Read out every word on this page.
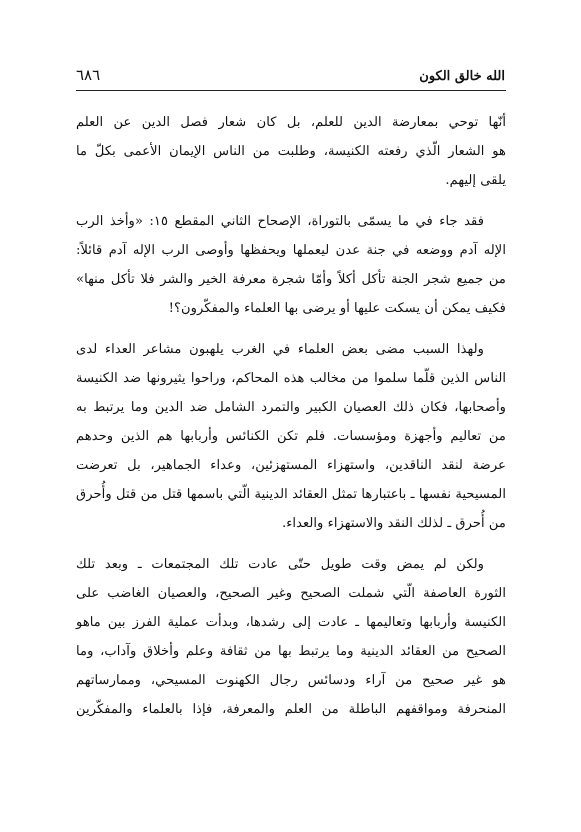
الله خالق الكون
٦٨٦
أنّها توحي بمعارضة الدين للعلم، بل كان شعار فصل الدين عن العلم
هو الشعار الّذي رفعته الكنيسة، وطلبت من الناس الإيمان الأعمى بكلّ ما
يلقى إليهم.
فقد جاء في ما يسمّى بالتوراة، الإصحاح الثاني المقطع ١٥: «وأخذ الرب
الإله آدم ووضعه في جنة عدن ليعملها ويحفظها وأوصى الرب الإله آدم قائلاً:
من جميع شجر الجنة تأكل أكلاً وأمّا شجرة معرفة الخير والشر فلا تأكل منها»
فكيف يمكن أن يسكت عليها أو يرضى بها العلماء والمفكّرون؟!
ولهذا السبب مضى بعض العلماء في الغرب يلهبون مشاعر العداء لدى
الناس الذين قلّما سلموا من مخالب هذه المحاكم، وراحوا يثيرونها ضد الكنيسة
وأصحابها، فكان ذلك العصيان الكبير والتمرد الشامل ضد الدين وما يرتبط به
من تعاليم وأجهزة ومؤسسات. فلم تكن الكنائس وأربابها هم الذين وحدهم
عرضة لنقد الناقدين، واستهزاء المستهزئين، وعداء الجماهير، بل تعرضت
المسيحية نفسها ـ باعتبارها تمثل العقائد الدينية الّتي باسمها قتل من قتل وأُحرق
من أُحرق ـ لذلك النقد والاستهزاء والعداء.
ولكن لم يمض وقت طويل حتّى عادت تلك المجتمعات ـ وبعد تلك
الثورة العاصفة الّتي شملت الصحيح وغير الصحيح، والعصيان الغاضب على
الكنيسة وأربابها وتعاليمها ـ عادت إلى رشدها، وبدأت عملية الفرز بين ماهو
الصحيح من العقائد الدينية وما يرتبط بها من ثقافة وعلم وأخلاق وآداب، وما
هو غير صحيح من آراء ودسائس رجال الكهنوت المسيحي، وممارساتهم
المنحرفة ومواقفهم الباطلة من العلم والمعرفة، فإذا بالعلماء والمفكّرين
